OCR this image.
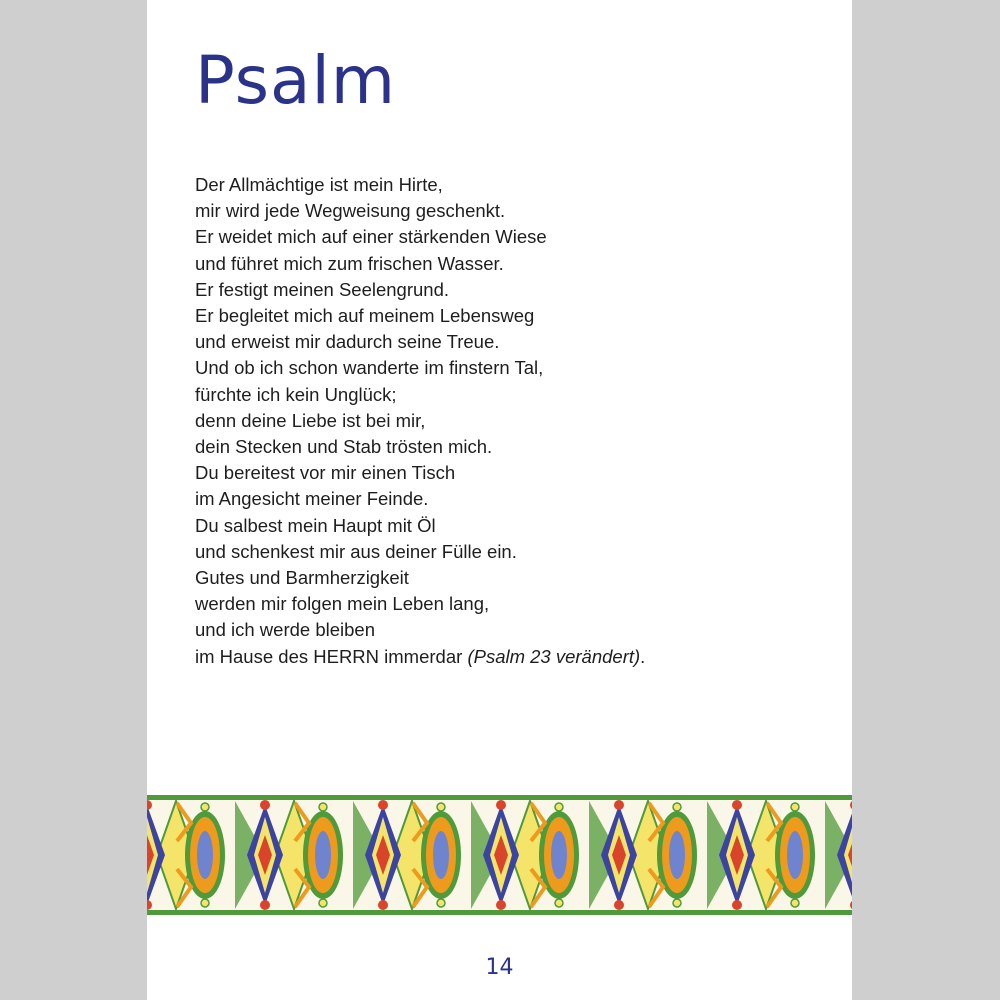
Psalm
Der Allmächtige ist mein Hirte,
mir wird jede Wegweisung geschenkt.
Er weidet mich auf einer stärkenden Wiese
und führet mich zum frischen Wasser.
Er festigt meinen Seelengrund.
Er begleitet mich auf meinem Lebensweg
und erweist mir dadurch seine Treue.
Und ob ich schon wanderte im finstern Tal,
fürchte ich kein Unglück;
denn deine Liebe ist bei mir,
dein Stecken und Stab trösten mich.
Du bereitest vor mir einen Tisch
im Angesicht meiner Feinde.
Du salbest mein Haupt mit Öl
und schenkest mir aus deiner Fülle ein.
Gutes und Barmherzigkeit
werden mir folgen mein Leben lang,
und ich werde bleiben
im Hause des HERRN immerdar (Psalm 23 verändert).
14
